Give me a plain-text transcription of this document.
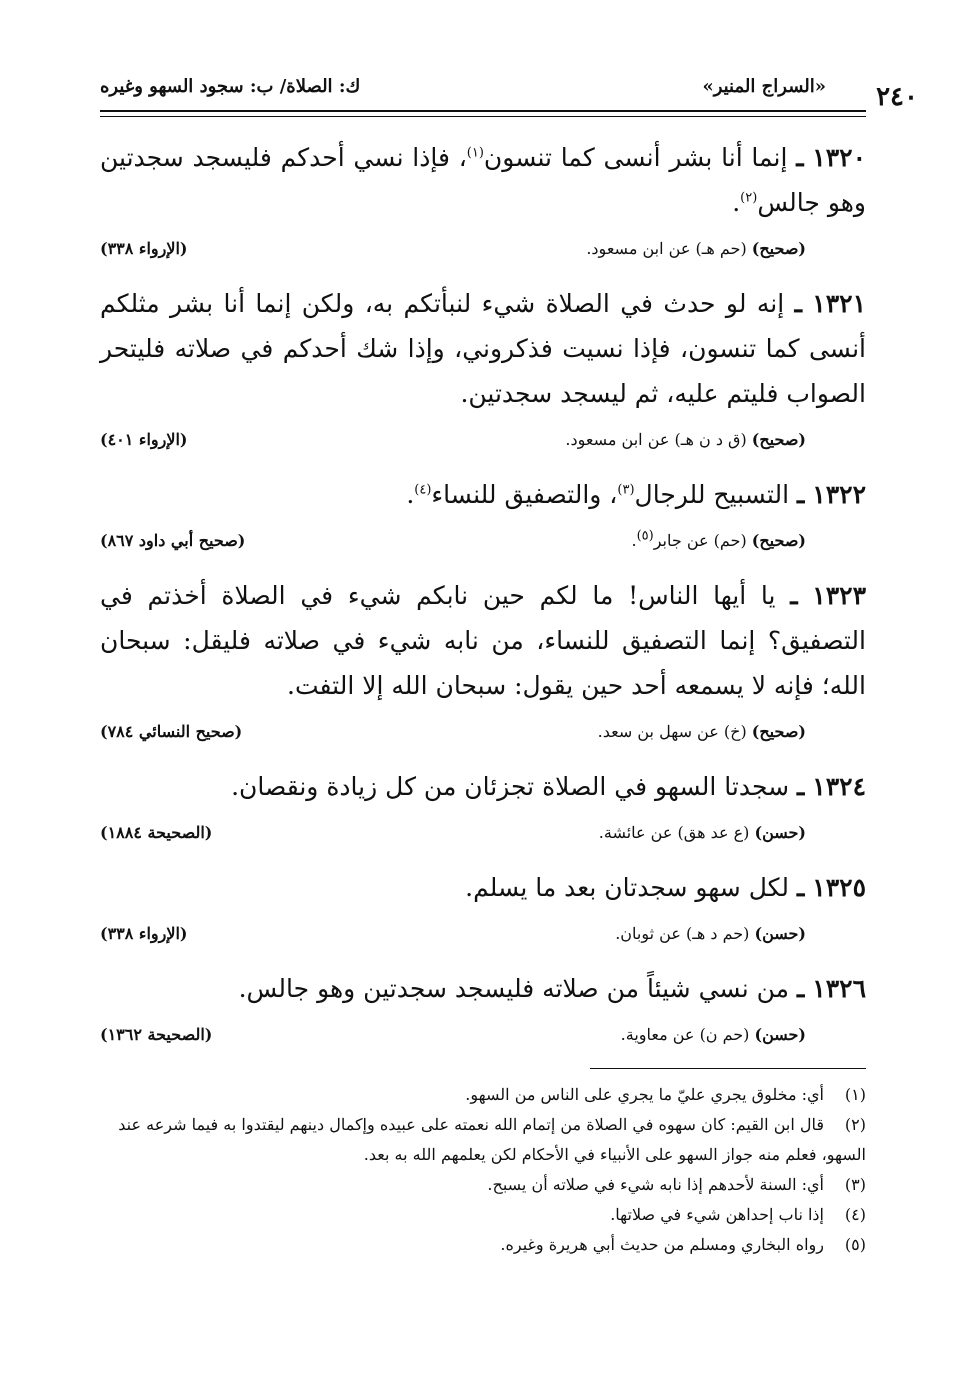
٢٤٠
«السراج المنير»
ك: الصلاة/ ب: سجود السهو وغيره

١٣٢٠ ـ إنما أنا بشر أنسى كما تنسون$^{(١)}$، فإذا نسي أحدكم فليسجد سجدتين وهو جالس$^{(٢)}$.

(صحيح) (حم هـ) عن ابن مسعود.
(الإرواء ٣٣٨)

١٣٢١ ـ إنه لو حدث في الصلاة شيء لنبأتكم به، ولكن إنما أنا بشر مثلكم أنسى كما تنسون، فإذا نسيت فذكروني، وإذا شك أحدكم في صلاته فليتحر الصواب فليتم عليه، ثم ليسجد سجدتين.

(صحيح) (ق د ن هـ) عن ابن مسعود.
(الإرواء ٤٠١)

١٣٢٢ ـ التسبيح للرجال$^{(٣)}$، والتصفيق للنساء$^{(٤)}$.

(صحيح) (حم) عن جابر$^{(٥)}$.
(صحيح أبي داود ٨٦٧)

١٣٢٣ ـ يا أيها الناس! ما لكم حين نابكم شيء في الصلاة أخذتم في التصفيق؟ إنما التصفيق للنساء، من نابه شيء في صلاته فليقل: سبحان الله؛ فإنه لا يسمعه أحد حين يقول: سبحان الله إلا التفت.

(صحيح) (خ) عن سهل بن سعد.
(صحيح النسائي ٧٨٤)

١٣٢٤ ـ سجدتا السهو في الصلاة تجزئان من كل زيادة ونقصان.

(حسن) (ع عد هق) عن عائشة.
(الصحيحة ١٨٨٤)

١٣٢٥ ـ لكل سهو سجدتان بعد ما يسلم.

(حسن) (حم د هـ) عن ثوبان.
(الإرواء ٣٣٨)

١٣٢٦ ـ من نسي شيئاً من صلاته فليسجد سجدتين وهو جالس.

(حسن) (حم ن) عن معاوية.
(الصحيحة ١٣٦٢)

(١)أي: مخلوق يجري عليّ ما يجري على الناس من السهو.

(٢)قال ابن القيم: كان سهوه في الصلاة من إتمام الله نعمته على عبيده وإكمال دينهم ليقتدوا به فيما شرعه عند السهو، فعلم منه جواز السهو على الأنبياء في الأحكام لكن يعلمهم الله به بعد.

(٣)أي: السنة لأحدهم إذا نابه شيء في صلاته أن يسبح.

(٤)إذا ناب إحداهن شيء في صلاتها.

(٥)رواه البخاري ومسلم من حديث أبي هريرة وغيره.
